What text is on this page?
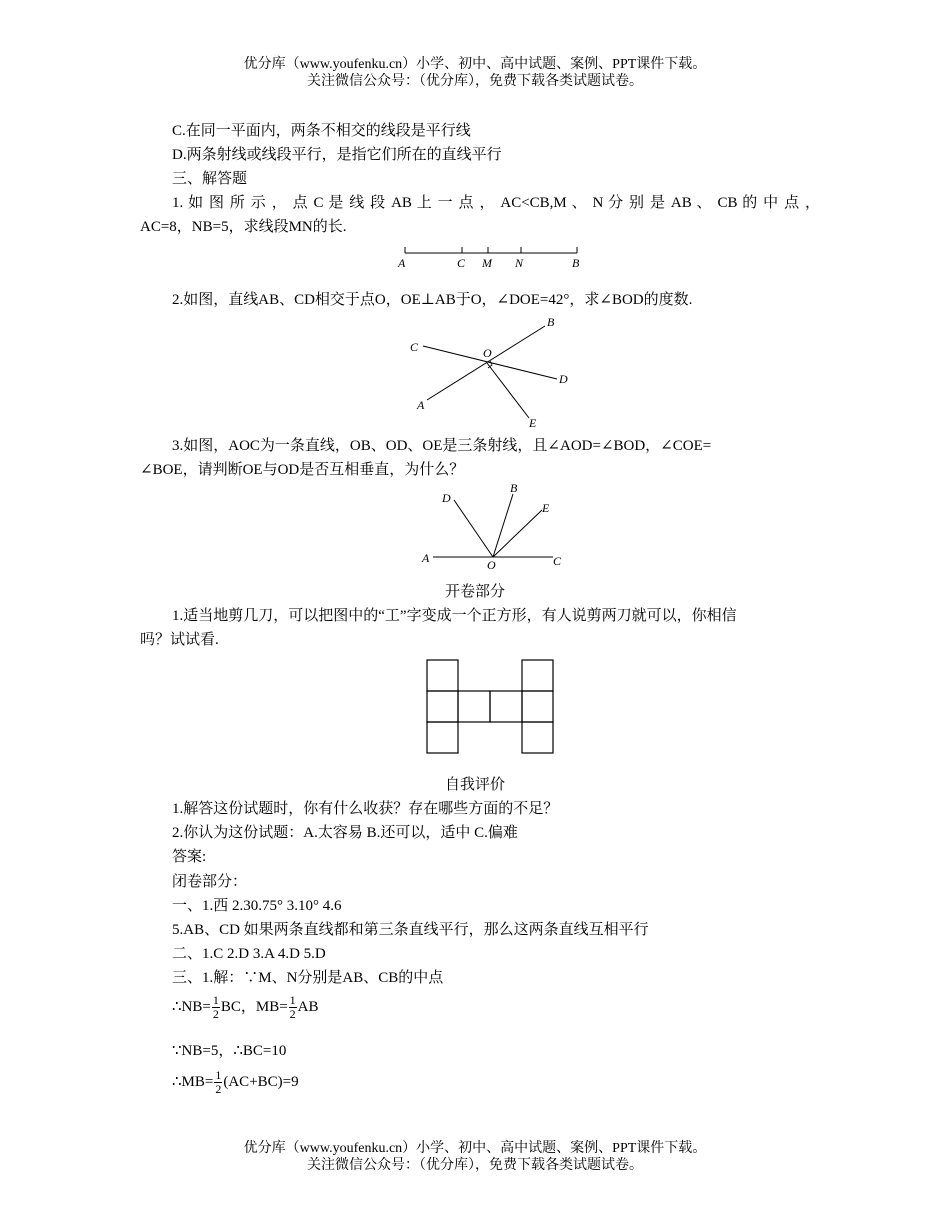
优分库（www.youfenku.cn）小学、初中、高中试题、案例、PPT课件下载。
关注微信公众号：（优分库），免费下载各类试题试卷。
C.在同一平面内，两条不相交的线段是平行线
D.两条射线或线段平行，是指它们所在的直线平行
三、解答题
1. 如 图 所 示 ， 点 C 是 线 段 AB 上 一 点 ， AC<CB,M 、 N 分 别 是 AB 、 CB 的 中 点 ，
AC=8，NB=5，求线段MN的长.
A	C M N	B
2.如图，直线AB、CD相交于点O，OE⊥AB于O，∠DOE=42°，求∠BOD的度数.
B
C	O
D
A
E
3.如图，AOC为一条直线，OB、OD、OE是三条射线，且∠AOD=∠BOD，∠COE=
∠BOE，请判断OE与OD是否互相垂直，为什么？
D
B
E
A	O	C
开卷部分
1.适当地剪几刀，可以把图中的“工”字变成一个正方形，有人说剪两刀就可以，你相信
吗？试试看.
自我评价
1.解答这份试题时，你有什么收获？存在哪些方面的不足？
2.你认为这份试题：A.太容易 B.还可以，适中 C.偏难
答案:
闭卷部分：
一、1.西 2.30.75° 3.10° 4.6
5.AB、CD 如果两条直线都和第三条直线平行，那么这两条直线互相平行
二、1.C 2.D 3.A 4.D 5.D
三、1.解：∵M、N分别是AB、CB的中点
∴NB= $\frac{1}{2}$ BC，$MB= \frac{1}{2}$ AB
∵NB=5，∴BC=10
∴MB= $\frac{1}{2} (AC+BC)=9$
优分库（www.youfenku.cn）小学、初中、高中试题、案例、PPT课件下载。
关注微信公众号：（优分库），免费下载各类试题试卷。
